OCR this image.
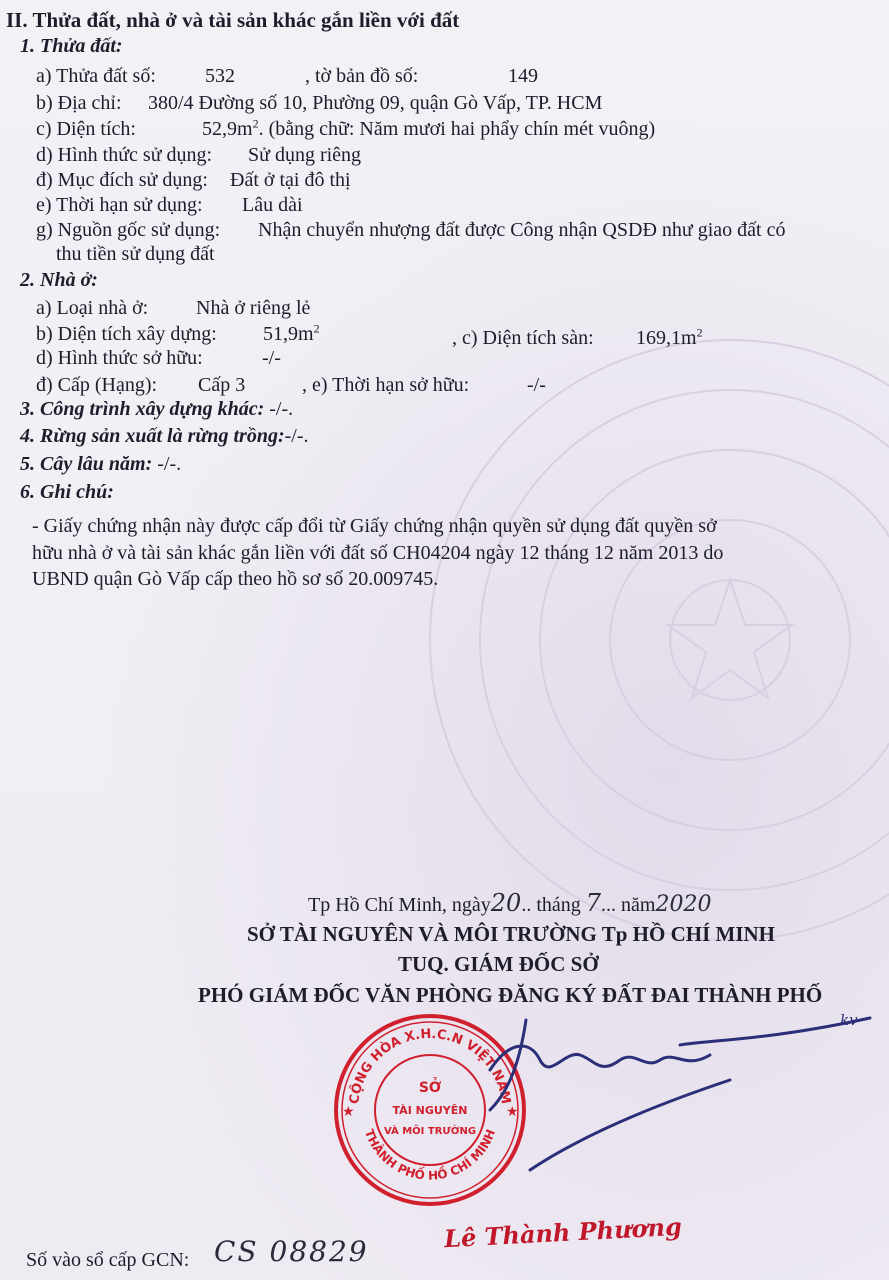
II. Thửa đất, nhà ở và tài sản khác gắn liền với đất
1. Thửa đất:
a) Thửa đất số: 532	, tờ bản đồ số:	149
b) Địa chỉ: 380/4 Đường số 10, Phường 09, quận Gò Vấp, TP. HCM
c) Diện tích:	$52,9m^2$. (bằng chữ: Năm mươi hai phẩy chín mét vuông)
d) Hình thức sử dụng: Sử dụng riêng
đ) Mục đích sử dụng: Đất ở tại đô thị
e) Thời hạn sử dụng: Lâu dài
g) Nguồn gốc sử dụng: Nhận chuyển nhượng đất được Công nhận QSDĐ như giao đất có
thu tiền sử dụng đất
2. Nhà ở:
a) Loại nhà ở: Nhà ở riêng lẻ
b) Diện tích xây dựng: $51,9m^2$	, c) Diện tích sàn: $169,1m^2$
d) Hình thức sở hữu:	-/-
đ) Cấp (Hạng): Cấp 3	, e) Thời hạn sở hữu:	-/-
3. Công trình xây dựng khác: -/-.
4. Rừng sản xuất là rừng trồng:-/-.
5. Cây lâu năm: -/-.
6. Ghi chú:
- Giấy chứng nhận này được cấp đổi từ Giấy chứng nhận quyền sử dụng đất quyền sở
hữu nhà ở và tài sản khác gắn liền với đất số CH04204 ngày 12 tháng 12 năm 2013 do
UBND quận Gò Vấp cấp theo hồ sơ số 20.009745.
Tp Hồ Chí Minh, ngày20.. tháng 7... năm2020
SỞ TÀI NGUYÊN VÀ MÔI TRƯỜNG Tp HỒ CHÍ MINH
TUQ. GIÁM ĐỐC SỞ
PHÓ GIÁM ĐỐC VĂN PHÒNG ĐĂNG KÝ ĐẤT ĐAI THÀNH PHỐ
kv
CỘNG HÒA X.H.C.N VIỆT NAM
THÀNH PHỐ HỒ CHÍ MINH
SỞ
TÀI NGUYÊN
VÀ MÔI TRƯỜNG
★	★
Lê Thành Phương
Số vào sổ cấp GCN: CS 08829
